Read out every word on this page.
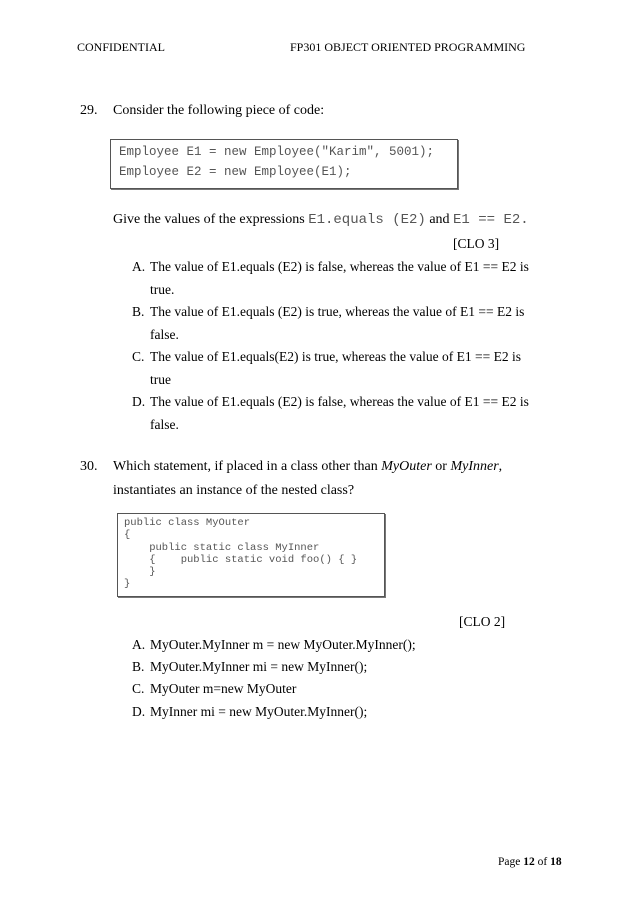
CONFIDENTIAL	FP301 OBJECT ORIENTED PROGRAMMING
29. Consider the following piece of code:
Employee E1 = new Employee("Karim", 5001);
Employee E2 = new Employee(E1);
Give the values of the expressions E1.equals (E2) and E1 == E2.
[CLO 3]
A. The value of E1.equals (E2) is false, whereas the value of E1 == E2 is
true.
B. The value of E1.equals (E2) is true, whereas the value of E1 == E2 is
false.
C. The value of E1.equals(E2) is true, whereas the value of E1 == E2 is
true
D. The value of E1.equals (E2) is false, whereas the value of E1 == E2 is
false.
30. Which statement, if placed in a class other than MyOuter or MyInner,
instantiates an instance of the nested class?
public class MyOuter
{
public static class MyInner
{    public static void foo() { }
}
}
[CLO 2]
A. MyOuter.MyInner m = new MyOuter.MyInner();
B. MyOuter.MyInner mi = new MyInner();
C. MyOuter m=new MyOuter
D. MyInner mi = new MyOuter.MyInner();
Page 12 of 18
